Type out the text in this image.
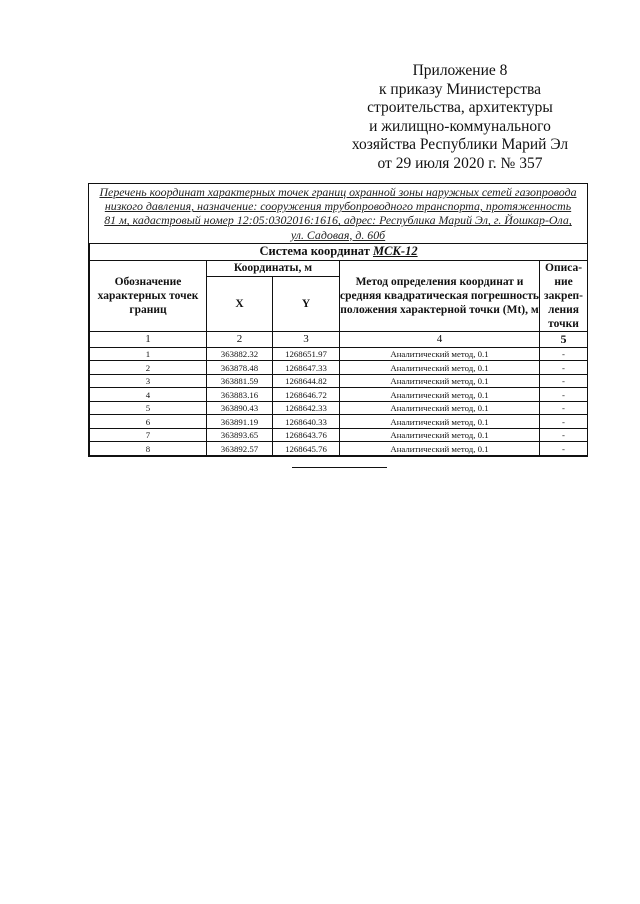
Приложение 8
к приказу Министерства
строительства, архитектуры
и жилищно-коммунального
хозяйства Республики Марий Эл
от 29 июля 2020 г. № 357
Перечень координат характерных точек границ охранной зоны наружных сетей газопровода
низкого давления, назначение: сооружения трубопроводного транспорта, протяженность
81 м, кадастровый номер 12:05:0302016:1616, адрес: Республика Марий Эл, г. Йошкар-Ола,
ул. Садовая, д. 60б
Система координат МСК-12				
Обозначение характерных точек границ	Координаты, м		Метод определения координат и средняя квадратическая погрешность положения характерной точки (Mt), м	Описа-ние закреп-ления точки
	X	Y		
1	2	3	4	5
1	363882.32	1268651.97	Аналитический метод, 0.1	-
2	363878.48	1268647.33	Аналитический метод, 0.1	-
3	363881.59	1268644.82	Аналитический метод, 0.1	-
4	363883.16	1268646.72	Аналитический метод, 0.1	-
5	363890.43	1268642.33	Аналитический метод, 0.1	-
6	363891.19	1268640.33	Аналитический метод, 0.1	-
7	363893.65	1268643.76	Аналитический метод, 0.1	-
8	363892.57	1268645.76	Аналитический метод, 0.1	-
